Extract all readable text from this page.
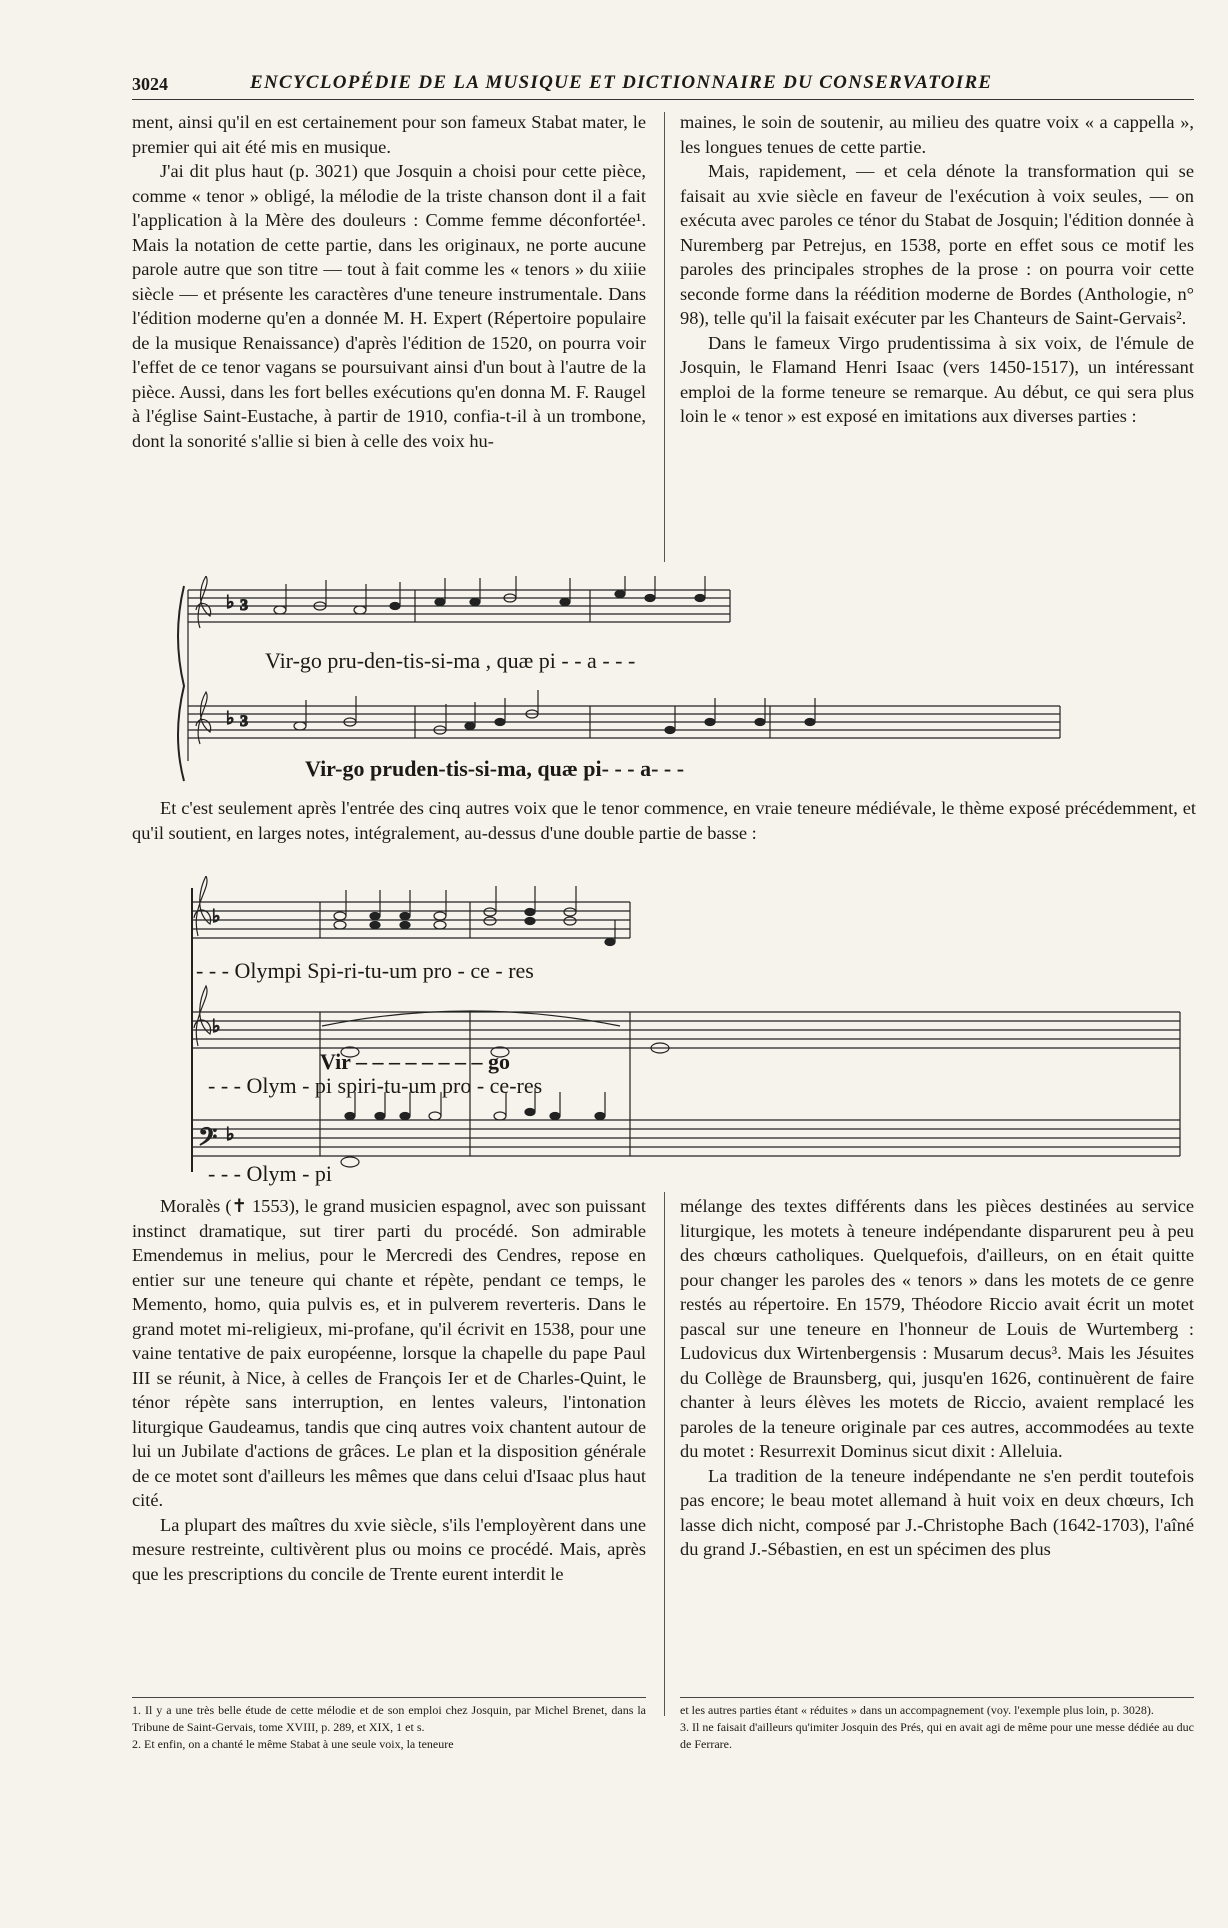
3024	ENCYCLOPÉDIE DE LA MUSIQUE ET DICTIONNAIRE DU CONSERVATOIRE

ment, ainsi qu'il en est certainement pour son fameux Stabat mater, le premier qui ait été mis en musique.

J'ai dit plus haut (p. 3021) que Josquin a choisi pour cette pièce, comme « tenor » obligé, la mélodie de la triste chanson dont il a fait l'application à la Mère des douleurs : Comme femme déconfortée¹. Mais la notation de cette partie, dans les originaux, ne porte aucune parole autre que son titre — tout à fait comme les « tenors » du xiiie siècle — et présente les caractères d'une teneure instrumentale. Dans l'édition moderne qu'en a donnée M. H. Expert (Répertoire populaire de la musique Renaissance) d'après l'édition de 1520, on pourra voir l'effet de ce tenor vagans se poursuivant ainsi d'un bout à l'autre de la pièce. Aussi, dans les fort belles exécutions qu'en donna M. F. Raugel à l'église Saint-Eustache, à partir de 1910, confia-t-il à un trombone, dont la sonorité s'allie si bien à celle des voix hu-

maines, le soin de soutenir, au milieu des quatre voix « a cappella », les longues tenues de cette partie.

Mais, rapidement, — et cela dénote la transformation qui se faisait au xvie siècle en faveur de l'exécution à voix seules, — on exécuta avec paroles ce ténor du Stabat de Josquin; l'édition donnée à Nuremberg par Petrejus, en 1538, porte en effet sous ce motif les paroles des principales strophes de la prose : on pourra voir cette seconde forme dans la réédition moderne de Bordes (Anthologie, n° 98), telle qu'il la faisait exécuter par les Chanteurs de Saint-Gervais².

Dans le fameux Virgo prudentissima à six voix, de l'émule de Josquin, le Flamand Henri Isaac (vers 1450-1517), un intéressant emploi de la forme teneure se remarque. Au début, ce qui sera plus loin le « tenor » est exposé en imitations aux diverses parties :

♭
♭
3
3
Vir-go pru-den-tis-si-ma , quæ pi - - a - - -
Vir-go pruden-tis-si-ma, quæ pi- - - a- - -
Et c'est seulement après l'entrée des cinq autres voix que le tenor commence, en vraie teneure médiévale, le thème exposé précédemment, et qu'il soutient, en larges notes, intégralement, au-dessus d'une double partie de basse :
♭
♭
𝄢 ♭
- - - Olympi Spi-ri-tu-um pro - ce - res
Vir – – – – – – – – go
- - - Olym - pi spiri-tu-um pro - ce-res
- - - Olym - pi

Moralès (✝ 1553), le grand musicien espagnol, avec son puissant instinct dramatique, sut tirer parti du procédé. Son admirable Emendemus in melius, pour le Mercredi des Cendres, repose en entier sur une teneure qui chante et répète, pendant ce temps, le Memento, homo, quia pulvis es, et in pulverem reverteris. Dans le grand motet mi-religieux, mi-profane, qu'il écrivit en 1538, pour une vaine tentative de paix européenne, lorsque la chapelle du pape Paul III se réunit, à Nice, à celles de François Ier et de Charles-Quint, le ténor répète sans interruption, en lentes valeurs, l'intonation liturgique Gaudeamus, tandis que cinq autres voix chantent autour de lui un Jubilate d'actions de grâces. Le plan et la disposition générale de ce motet sont d'ailleurs les mêmes que dans celui d'Isaac plus haut cité.

La plupart des maîtres du xvie siècle, s'ils l'employèrent dans une mesure restreinte, cultivèrent plus ou moins ce procédé. Mais, après que les prescriptions du concile de Trente eurent interdit le

mélange des textes différents dans les pièces destinées au service liturgique, les motets à teneure indépendante disparurent peu à peu des chœurs catholiques. Quelquefois, d'ailleurs, on en était quitte pour changer les paroles des « tenors » dans les motets de ce genre restés au répertoire. En 1579, Théodore Riccio avait écrit un motet pascal sur une teneure en l'honneur de Louis de Wurtemberg : Ludovicus dux Wirtenbergensis : Musarum decus³. Mais les Jésuites du Collège de Braunsberg, qui, jusqu'en 1626, continuèrent de faire chanter à leurs élèves les motets de Riccio, avaient remplacé les paroles de la teneure originale par ces autres, accommodées au texte du motet : Resurrexit Dominus sicut dixit : Alleluia.

La tradition de la teneure indépendante ne s'en perdit toutefois pas encore; le beau motet allemand à huit voix en deux chœurs, Ich lasse dich nicht, composé par J.-Christophe Bach (1642-1703), l'aîné du grand J.-Sébastien, en est un spécimen des plus

1. Il y a une très belle étude de cette mélodie et de son emploi chez Josquin, par Michel Brenet, dans la Tribune de Saint-Gervais, tome XVIII, p. 289, et XIX, 1 et s.

2. Et enfin, on a chanté le même Stabat à une seule voix, la teneure

et les autres parties étant « réduites » dans un accompagnement (voy. l'exemple plus loin, p. 3028).

3. Il ne faisait d'ailleurs qu'imiter Josquin des Prés, qui en avait agi de même pour une messe dédiée au duc de Ferrare.
